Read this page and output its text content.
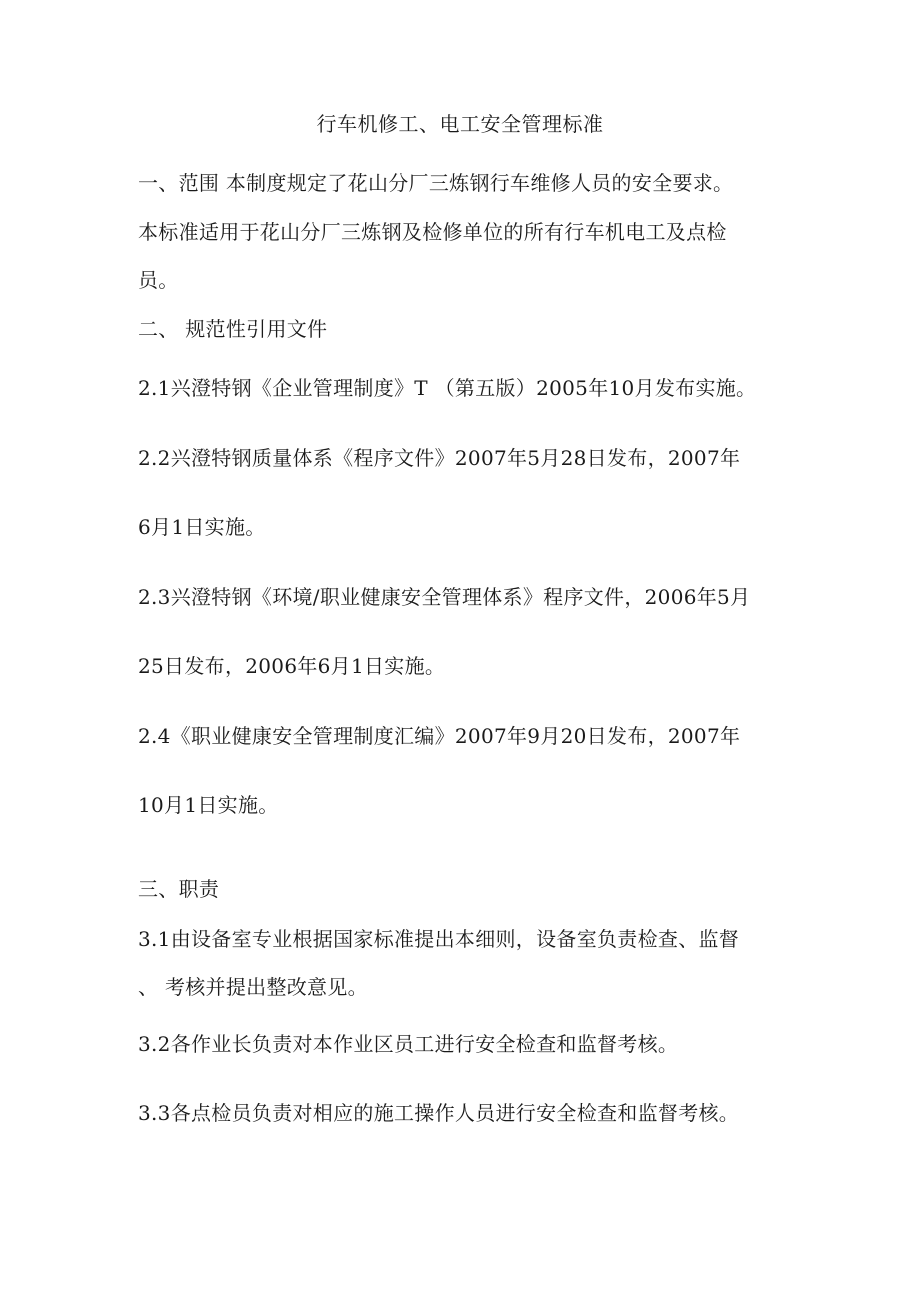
行车机修工、电工安全管理标准
一、范围 本制度规定了花山分厂三炼钢行车维修人员的安全要求。
本标准适用于花山分厂三炼钢及检修单位的所有行车机电工及点检
员。
二、 规范性引用文件
2.1兴澄特钢《企业管理制度》T （第五版）2005年10月发布实施。
2.2兴澄特钢质量体系《程序文件》2007年5月28日发布，2007年
6月1日实施。
2.3兴澄特钢《环境/职业健康安全管理体系》程序文件，2006年5月
25日发布，2006年6月1日实施。
2.4《职业健康安全管理制度汇编》2007年9月20日发布，2007年
10月1日实施。
三、职责
3.1由设备室专业根据国家标准提出本细则，设备室负责检查、监督
、 考核并提出整改意见。
3.2各作业长负责对本作业区员工进行安全检查和监督考核。
3.3各点检员负责对相应的施工操作人员进行安全检查和监督考核。
